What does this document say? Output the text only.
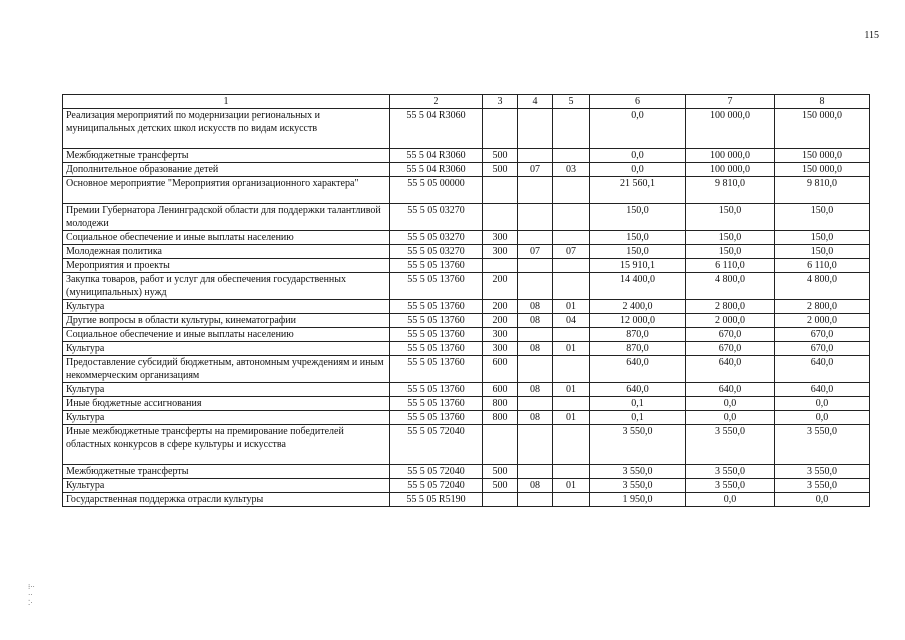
115
1	2	3	4	5	6	7	8
Реализация мероприятий по модернизации региональных и муниципальных детских школ искусств по видам искусств	55 5 04 R3060				0,0	100 000,0	150 000,0
Межбюджетные трансферты	55 5 04 R3060	500			0,0	100 000,0	150 000,0
Дополнительное образование детей	55 5 04 R3060	500	07	03	0,0	100 000,0	150 000,0
Основное мероприятие "Мероприятия организационного характера"	55 5 05 00000				21 560,1	9 810,0	9 810,0
Премии Губернатора Ленинградской области для поддержки талантливой молодежи	55 5 05 03270				150,0	150,0	150,0
Социальное обеспечение и иные выплаты населению	55 5 05 03270	300			150,0	150,0	150,0
Молодежная политика	55 5 05 03270	300	07	07	150,0	150,0	150,0
Мероприятия и проекты	55 5 05 13760				15 910,1	6 110,0	6 110,0
Закупка товаров, работ и услуг для обеспечения государственных (муниципальных) нужд	55 5 05 13760	200			14 400,0	4 800,0	4 800,0
Культура	55 5 05 13760	200	08	01	2 400,0	2 800,0	2 800,0
Другие вопросы в области культуры, кинематографии	55 5 05 13760	200	08	04	12 000,0	2 000,0	2 000,0
Социальное обеспечение и иные выплаты населению	55 5 05 13760	300			870,0	670,0	670,0
Культура	55 5 05 13760	300	08	01	870,0	670,0	670,0
Предоставление субсидий бюджетным, автономным учреждениям и иным некоммерческим организациям	55 5 05 13760	600			640,0	640,0	640,0
Культура	55 5 05 13760	600	08	01	640,0	640,0	640,0
Иные бюджетные ассигнования	55 5 05 13760	800			0,1	0,0	0,0
Культура	55 5 05 13760	800	08	01	0,1	0,0	0,0
Иные межбюджетные трансферты на премирование победителей областных конкурсов в сфере культуры и искусства	55 5 05 72040				3 550,0	3 550,0	3 550,0
Межбюджетные трансферты	55 5 05 72040	500			3 550,0	3 550,0	3 550,0
Культура	55 5 05 72040	500	08	01	3 550,0	3 550,0	3 550,0
Государственная поддержка отрасли культуры	55 5 05 R5190				1 950,0	0,0	0,0
⁝··
··
⁚·
